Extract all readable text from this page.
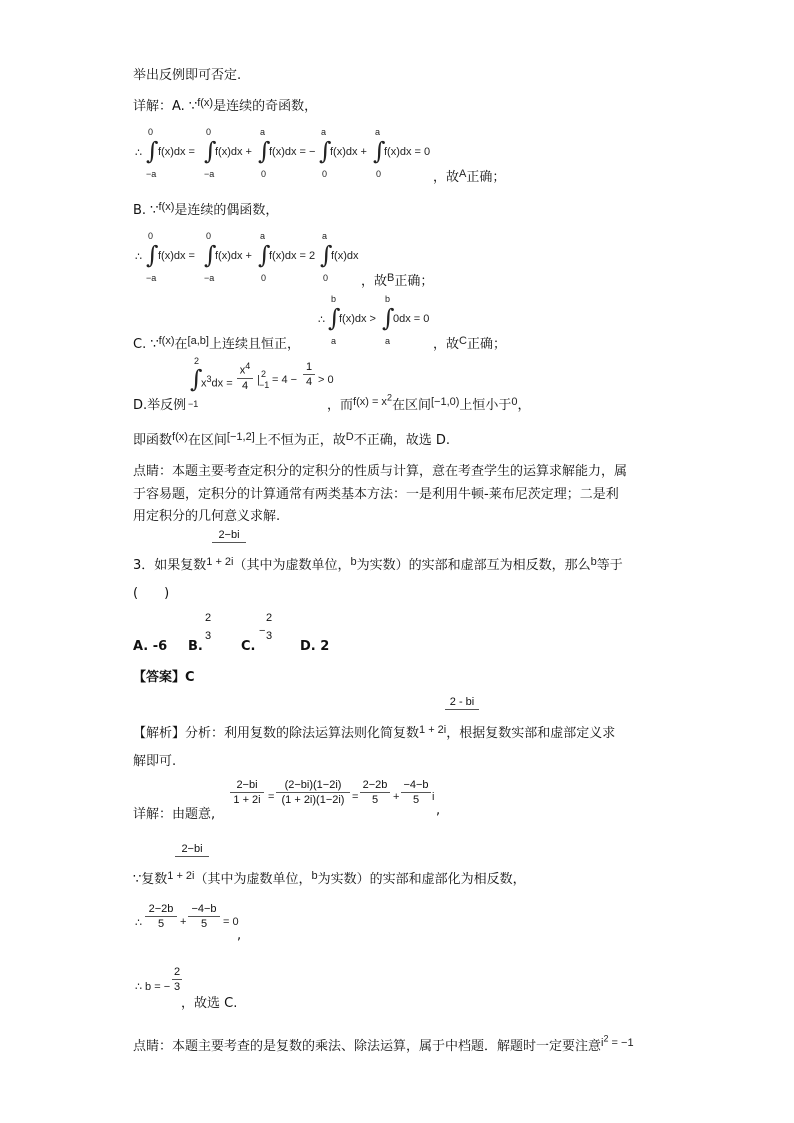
举出反例即可否定.
详解：A. ∵$^{f(x)}$是连续的奇函数，
0	0	a	a	a
∴ ∫ f(x)dx = ∫
f(x)dx + ∫
f(x)dx = − ∫
f(x)dx + ∫
f(x)dx = 0
−a	−a	0	0	0	，故$^A$正确；
B. ∵$^{f(x)}$是连续的偶函数，
0	0	a	a
∴ ∫ f(x)dx = ∫
f(x)dx + ∫
f(x)dx = 2 ∫
f(x)dx
−a	−a	0	0	，故$^B$正确；
b	b
∴ ∫
f(x)dx > ∫
0dx = 0
a	a
C. ∵$^{f(x)}$在[a,b]上连续且恒正，	，故$^C$正确；
2
∫
$x^3dx$ =
$x^4$
4 | 2
−1 = 4 −
1
4 > 0
−1
D.举反例	，而$^{f(x) = x^2}$在区间$^{[-1,0)}$上恒小于$^0$，
即函数$^{f(x)}$在区间[−1,2]上不恒为正，故$^D$不正确，故选 D.
点睛：本题主要考查定积分的定积分的性质与计算，意在考查学生的运算求解能力，属
于容易题，定积分的计算通常有两类基本方法：一是利用牛顿-莱布尼茨定理；二是利
用定积分的几何意义求解.
2−bi
3．如果复数$^{1 + 2i}$（其中为虚数单位，$^b$为实数）的实部和虚部互为相反数，那么$^b$等于
(　　)
A. -6 B.
2
3
C.
−
2
3
D. 2
【答案】C
2 - bi
【解析】分析：利用复数的除法运算法则化简复数$^{1 + 2i}$，根据复数实部和虚部定义求
解即可.
详解：由题意,
2−bi
1 + 2i =
(2−bi)(1−2i)
(1 + 2i)(1−2i) =
2−2b
5	+
−4−b
5	i
,
2−bi
∵复数$^{1 + 2i}$（其中为虚数单位，$^b$为实数）的实部和虚部化为相反数，
∴
2−2b
5	+
−4−b
5	= 0
,
∴ b = −
2
3
，故选 C.
点睛：本题主要考查的是复数的乘法、除法运算，属于中档题．解题时一定要注意$^{i^2 = -1}$
